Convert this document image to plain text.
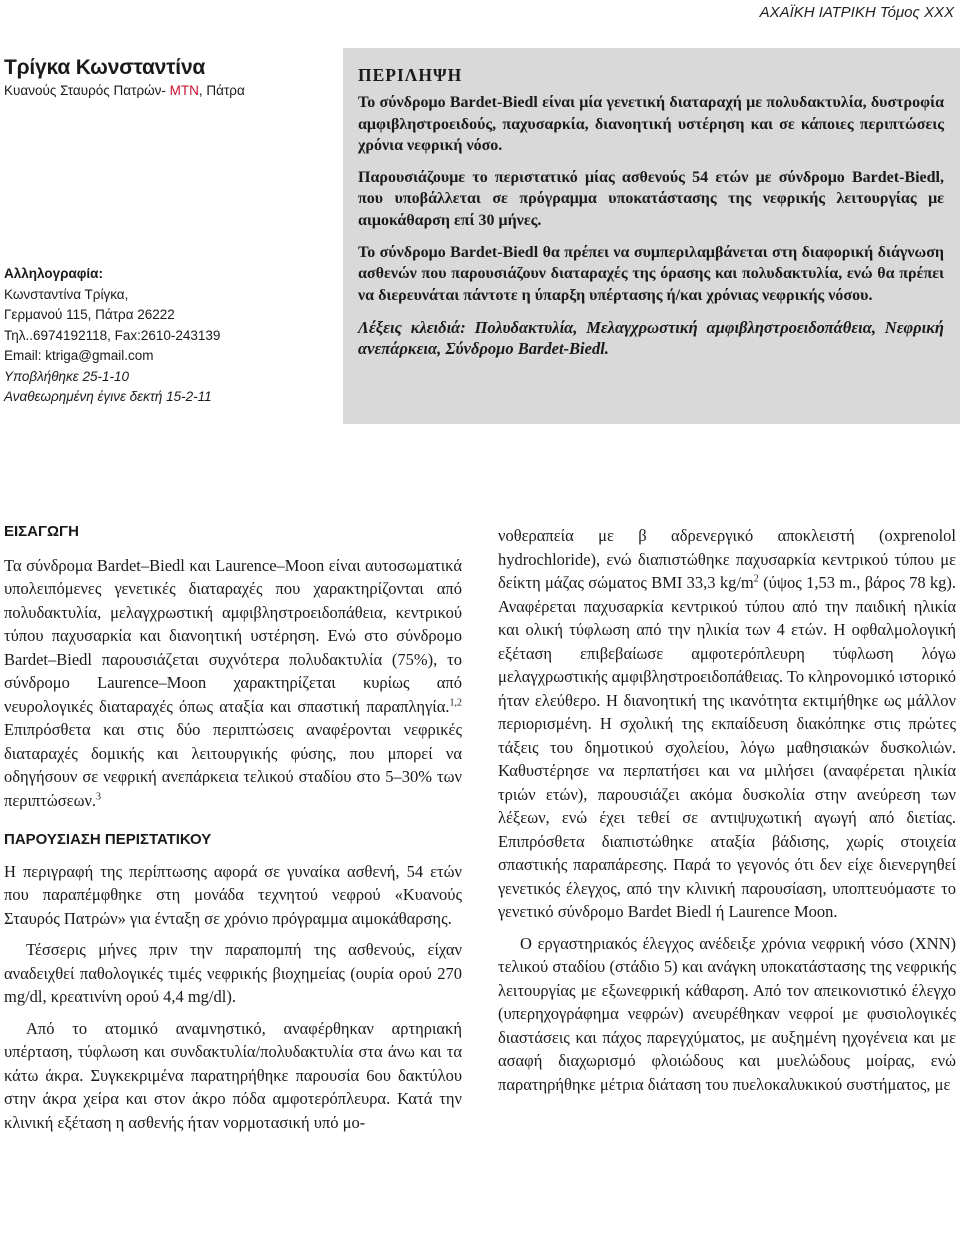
ΑΧΑΪΚΗ ΙΑΤΡΙΚΗ Τόμος XXX
Τρίγκα Κωνσταντίνα
Κυανούς Σταυρός Πατρών- ΜΤΝ, Πάτρα
Αλληλογραφία:
Κωνσταντίνα Τρίγκα,
Γερμανού 115, Πάτρα 26222
Τηλ..6974192118, Fax:2610-243139
Email: ktriga@gmail.com
Υποβλήθηκε 25-1-10
Αναθεωρημένη έγινε δεκτή 15-2-11
ΠΕΡΙΛΗΨΗ

Το σύνδρομο Bardet-Biedl είναι μία γενετική διαταραχή με πολυδακτυλία, δυστροφία αμφιβληστροειδούς, παχυσαρκία, διανοητική υστέρηση και σε κάποιες περιπτώσεις χρόνια νεφρική νόσο.

Παρουσιάζουμε το περιστατικό μίας ασθενούς 54 ετών με σύνδρομο Bardet-Biedl, που υποβάλλεται σε πρόγραμμα υποκατάστασης της νεφρικής λειτουργίας με αιμοκάθαρση επί 30 μήνες.

Το σύνδρομο Bardet-Biedl θα πρέπει να συμπεριλαμβάνεται στη διαφορική διάγνωση ασθενών που παρουσιάζουν διαταραχές της όρασης και πολυδακτυλία, ενώ θα πρέπει να διερευνάται πάντοτε η ύπαρξη υπέρτασης ή/και χρόνιας νεφρικής νόσου.

Λέξεις κλειδιά: Πολυδακτυλία, Μελαγχρωστική αμφιβληστροειδοπάθεια, Νεφρική ανεπάρκεια, Σύνδρομο Bardet-Biedl.

ΕΙΣΑΓΩΓΗ

Τα σύνδρομα Bardet–Biedl και Laurence–Moon είναι αυτοσωματικά υπολειπόμενες γενετικές διαταραχές που χαρακτηρίζονται από πολυδακτυλία, μελαγχρωστική αμφιβληστροειδοπάθεια, κεντρικού τύπου παχυσαρκία και διανοητική υστέρηση. Ενώ στο σύνδρομο Bardet–Biedl παρουσιάζεται συχνότερα πολυδακτυλία (75%), το σύνδρομο Laurence–Moon χαρακτηρίζεται κυρίως από νευρολογικές διαταραχές όπως αταξία και σπαστική παραπληγία.$^{1,2}$ Επιπρόσθετα και στις δύο περιπτώσεις αναφέρονται νεφρικές διαταραχές δομικής και λειτουργικής φύσης, που μπορεί να οδηγήσουν σε νεφρική ανεπάρκεια τελικού σταδίου στο 5–30% των περιπτώσεων.$^3$

ΠΑΡΟΥΣΙΑΣΗ ΠΕΡΙΣΤΑΤΙΚΟΥ

Η περιγραφή της περίπτωσης αφορά σε γυναίκα ασθενή, 54 ετών που παραπέμφθηκε στη μονάδα τεχνητού νεφρού «Κυανούς Σταυρός Πατρών» για ένταξη σε χρόνιο πρόγραμμα αιμοκάθαρσης.

Τέσσερις μήνες πριν την παραπομπή της ασθενούς, είχαν αναδειχθεί παθολογικές τιμές νεφρικής βιοχημείας (ουρία ορού 270 mg/dl, κρεατινίνη ορού 4,4 mg/dl).

Από το ατομικό αναμνηστικό, αναφέρθηκαν αρτηριακή υπέρταση, τύφλωση και συνδακτυλία/πολυδακτυλία στα άνω και τα κάτω άκρα. Συγκεκριμένα παρατηρήθηκε παρουσία 6ου δακτύλου στην άκρα χείρα και στον άκρο πόδα αμφοτερόπλευρα. Κατά την κλινική εξέταση η ασθενής ήταν νορμοτασική υπό μο-

νοθεραπεία με β αδρενεργικό αποκλειστή (oxprenolol hydrochloride), ενώ διαπιστώθηκε παχυσαρκία κεντρικού τύπου με δείκτη μάζας σώματος ΒΜΙ 33,3 $kg/m^2$ (ύψος 1,53 m., βάρος 78 kg). Αναφέρεται παχυσαρκία κεντρικού τύπου από την παιδική ηλικία και ολική τύφλωση από την ηλικία των 4 ετών. Η οφθαλμολογική εξέταση επιβεβαίωσε αμφοτερόπλευρη τύφλωση λόγω μελαγχρωστικής αμφιβληστροειδοπάθειας. Το κληρονομικό ιστορικό ήταν ελεύθερο. Η διανοητική της ικανότητα εκτιμήθηκε ως μάλλον περιορισμένη. Η σχολική της εκπαίδευση διακόπηκε στις πρώτες τάξεις του δημοτικού σχολείου, λόγω μαθησιακών δυσκολιών. Καθυστέρησε να περπατήσει και να μιλήσει (αναφέρεται ηλικία τριών ετών), παρουσιάζει ακόμα δυσκολία στην ανεύρεση των λέξεων, ενώ έχει τεθεί σε αντιψυχωτική αγωγή από διετίας. Επιπρόσθετα διαπιστώθηκε αταξία βάδισης, χωρίς στοιχεία σπαστικής παραπάρεσης. Παρά το γεγονός ότι δεν είχε διενεργηθεί γενετικός έλεγχος, από την κλινική παρουσίαση, υποπτευόμαστε το γενετικό σύνδρομο Bardet Biedl ή Laurence Moon.

Ο εργαστηριακός έλεγχος ανέδειξε χρόνια νεφρική νόσο (ΧΝΝ) τελικού σταδίου (στάδιο 5) και ανάγκη υποκατάστασης της νεφρικής λειτουργίας με εξωνεφρική κάθαρση. Από τον απεικονιστικό έλεγχο (υπερηχογράφημα νεφρών) ανευρέθηκαν νεφροί με φυσιολογικές διαστάσεις και πάχος παρεγχύματος, με αυξημένη ηχογένεια και με ασαφή διαχωρισμό φλοιώδους και μυελώδους μοίρας, ενώ παρατηρήθηκε μέτρια διάταση του πυελοκαλυκικού συστήματος, με
